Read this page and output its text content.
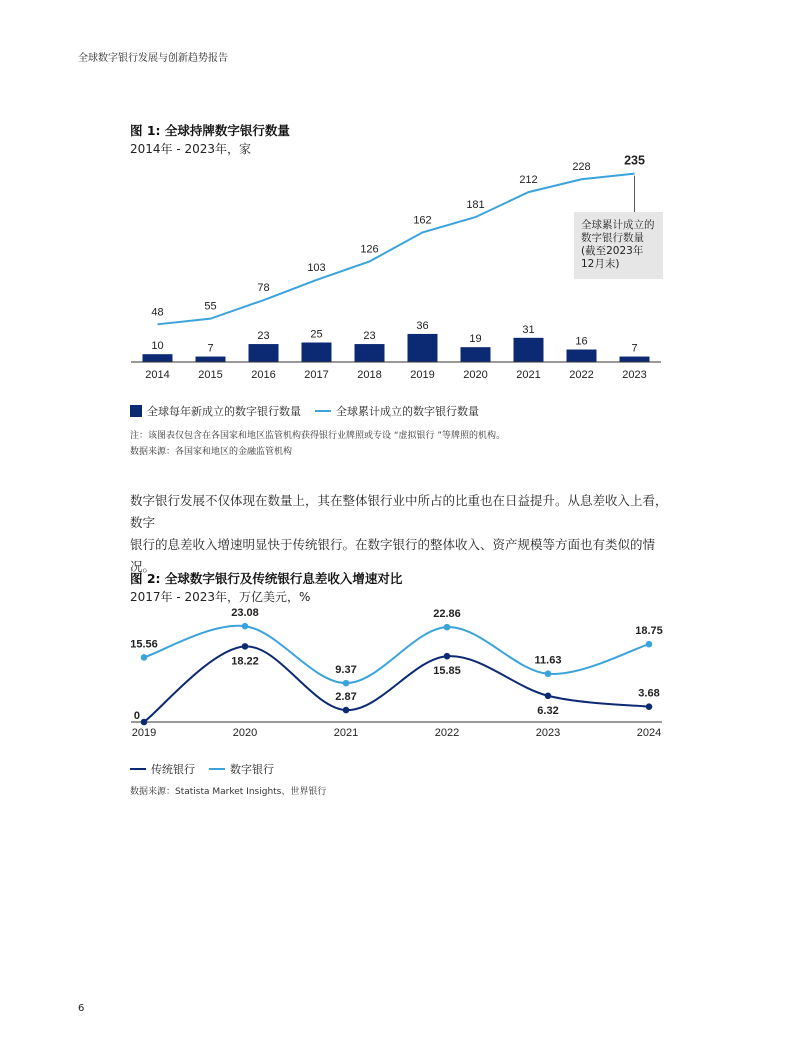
全球数字银行发展与创新趋势报告
图 1: 全球持牌数字银行数量
2014年 - 2023年，家
10
2014
7
2015
23
2016
25
2017
23
2018
36
2019
19
2020
31
2021
16
2022
7
2023
48	55
78
103
126
162
181
212
228	235
全球累计成立的
数字银行数量
(截至2023年
12月末)
全球每年新成立的数字银行数量	全球累计成立的数字银行数量
注：该图表仅包含在各国家和地区监管机构获得银行业牌照或专设 “虚拟银行 ”等牌照的机构。
数据来源：各国家和地区的金融监管机构
数字银行发展不仅体现在数量上，其在整体银行业中所占的比重也在日益提升。从息差收入上看，数字
银行的息差收入增速明显快于传统银行。在数字银行的整体收入、资产规模等方面也有类似的情况。
图 2: 全球数字银行及传统银行息差收入增速对比
2017年 - 2023年，万亿美元，%
2019	2020	2021	2022	2023	2024
0
18.22
2.87
15.85
6.32
3.68
15.56
23.08
9.37
22.86
11.63
18.75
传统银行	数字银行
数据来源：Statista Market Insights、世界银行
6
